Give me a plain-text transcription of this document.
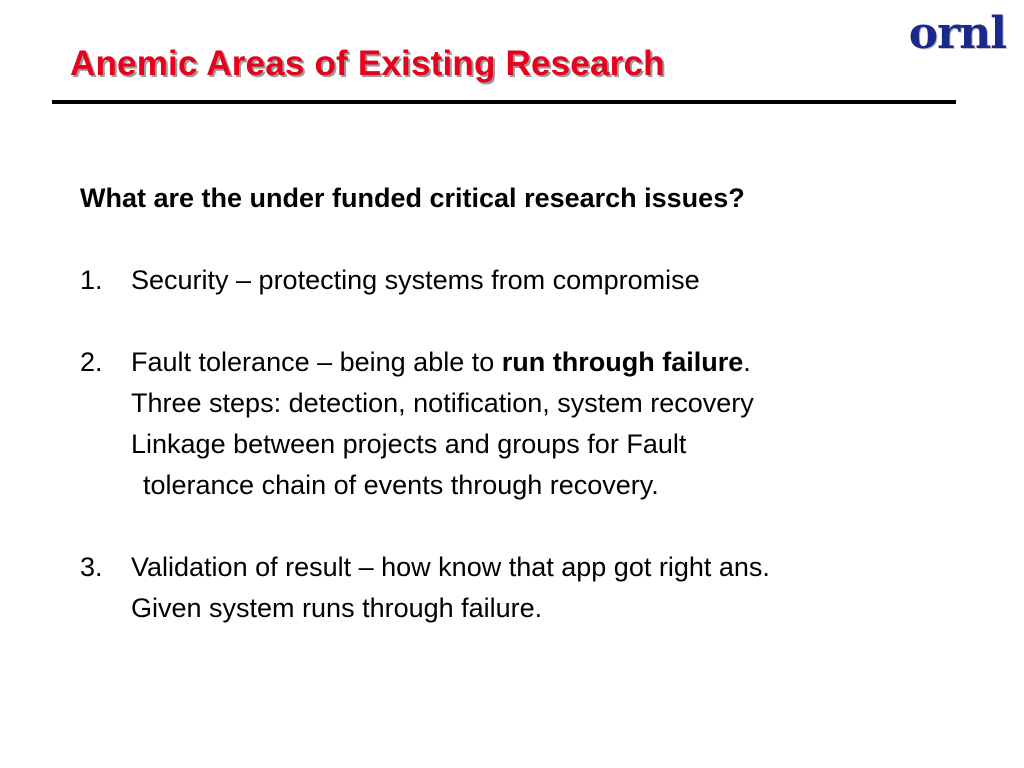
Anemic Areas of Existing Research
ornl

What are the under funded critical research issues?

1. Security – protecting systems from compromise
2. Fault tolerance – being able to run through failure.
Three steps: detection, notification, system recovery
Linkage between projects and groups for Fault
tolerance chain of events through recovery.
3. Validation of result – how know that app got right ans.
Given system runs through failure.
